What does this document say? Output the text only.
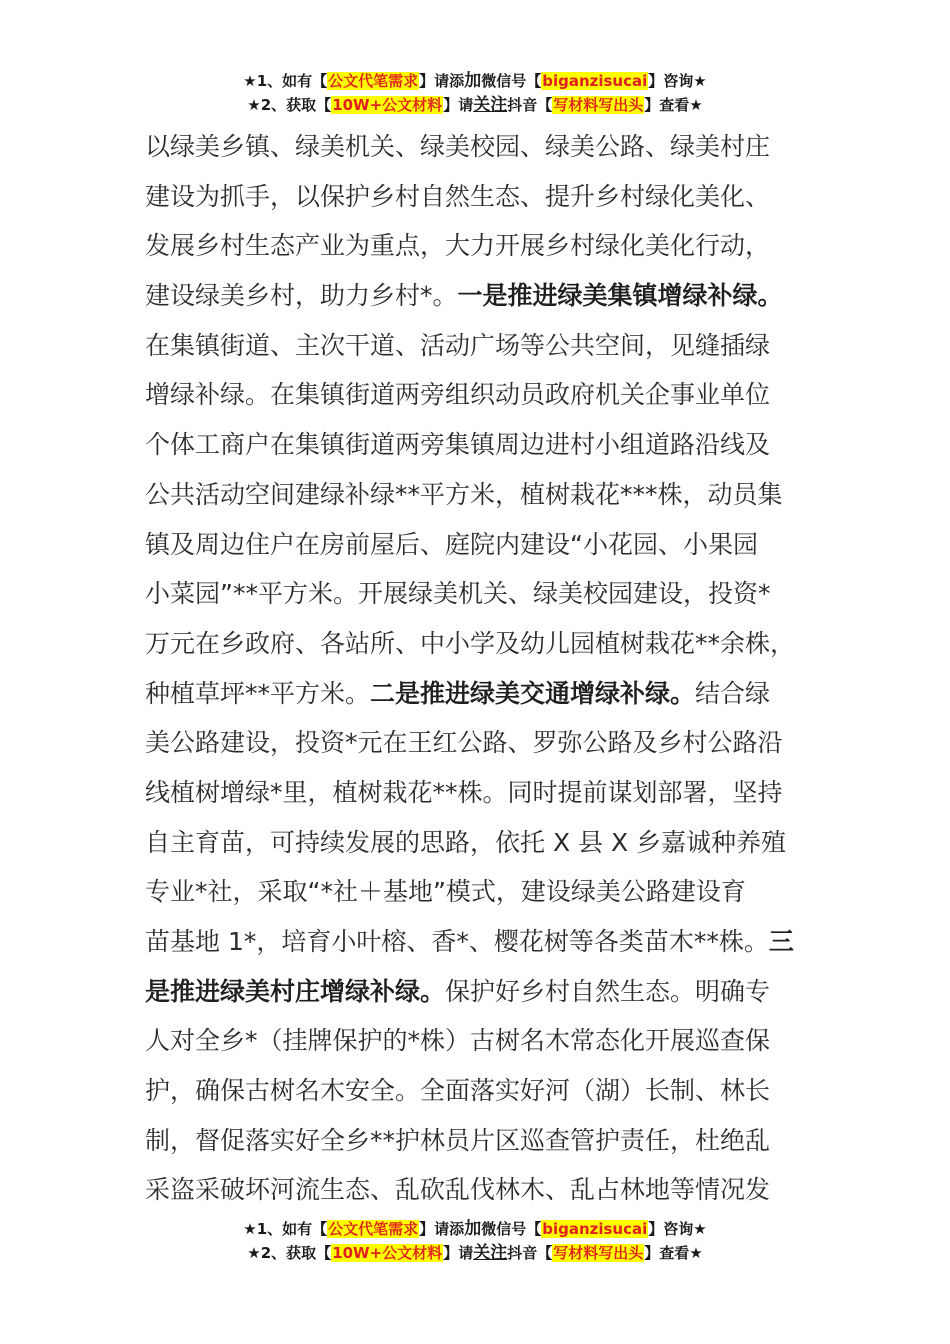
★1、如有【公文代笔需求】请添加微信号【biganzisucai】咨询★
★2、获取【10W+公文材料】请关注抖音【写材料写出头】查看★
以绿美乡镇、绿美机关、绿美校园、绿美公路、绿美村庄
建设为抓手，以保护乡村自然生态、提升乡村绿化美化、
发展乡村生态产业为重点，大力开展乡村绿化美化行动，
建设绿美乡村，助力乡村*。一是推进绿美集镇增绿补绿。
在集镇街道、主次干道、活动广场等公共空间，见缝插绿
增绿补绿。在集镇街道两旁组织动员政府机关企事业单位
个体工商户在集镇街道两旁集镇周边进村小组道路沿线及
公共活动空间建绿补绿**平方米，植树栽花***株，动员集
镇及周边住户在房前屋后、庭院内建设“小花园、小果园
小菜园”**平方米。开展绿美机关、绿美校园建设，投资*
万元在乡政府、各站所、中小学及幼儿园植树栽花**余株，
种植草坪**平方米。二是推进绿美交通增绿补绿。结合绿
美公路建设，投资*元在王红公路、罗弥公路及乡村公路沿
线植树增绿*里，植树栽花**株。同时提前谋划部署，坚持
自主育苗，可持续发展的思路，依托 X 县 X 乡嘉诚种养殖
专业*社，采取“*社＋基地”模式，建设绿美公路建设育
苗基地 1*，培育小叶榕、香*、樱花树等各类苗木**株。三
是推进绿美村庄增绿补绿。保护好乡村自然生态。明确专
人对全乡*（挂牌保护的*株）古树名木常态化开展巡查保
护，确保古树名木安全。全面落实好河（湖）长制、林长
制，督促落实好全乡**护林员片区巡查管护责任，杜绝乱
采盗采破坏河流生态、乱砍乱伐林木、乱占林地等情况发
★1、如有【公文代笔需求】请添加微信号【biganzisucai】咨询★
★2、获取【10W+公文材料】请关注抖音【写材料写出头】查看★
